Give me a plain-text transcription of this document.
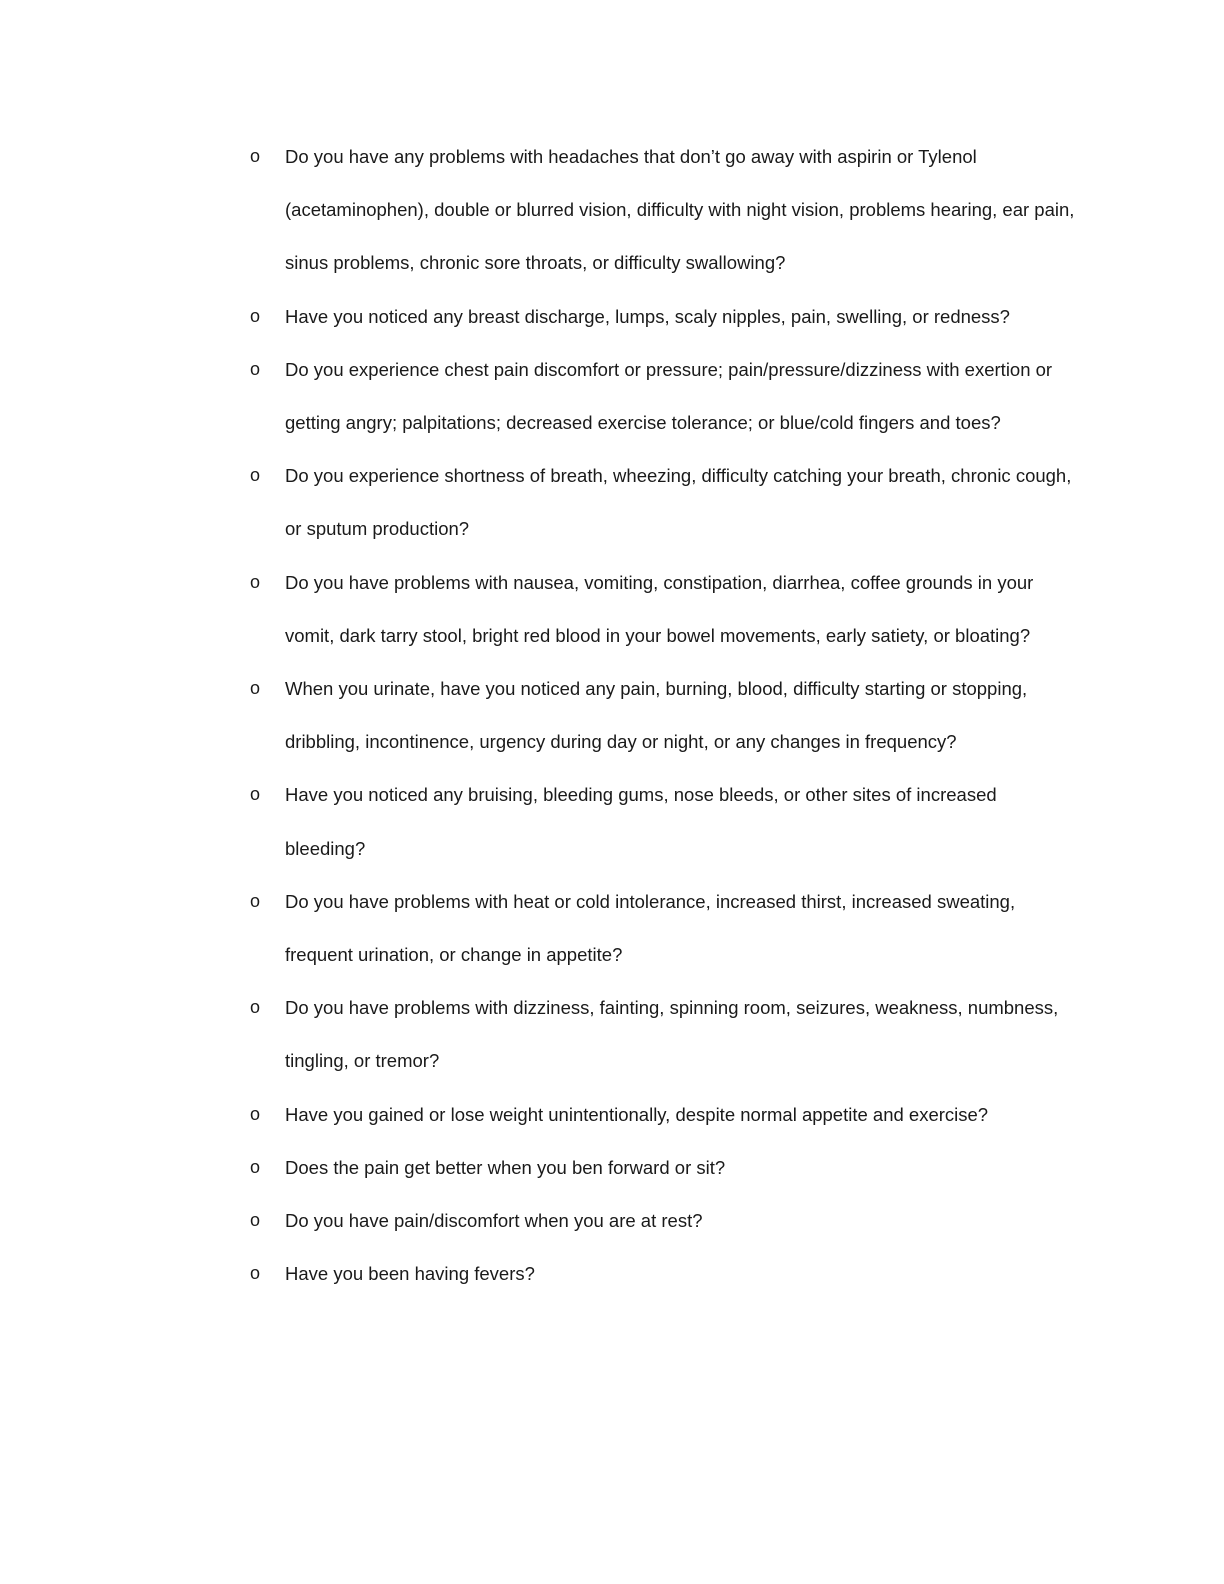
o	Do you have any problems with headaches that don’t go away with aspirin or Tylenol (acetaminophen), double or blurred vision, difficulty with night vision, problems hearing, ear pain, sinus problems, chronic sore throats, or difficulty swallowing?
o	Have you noticed any breast discharge, lumps, scaly nipples, pain, swelling, or redness?
o	Do you experience chest pain discomfort or pressure; pain/pressure/dizziness with exertion or getting angry; palpitations; decreased exercise tolerance; or blue/cold fingers and toes?
o	Do you experience shortness of breath, wheezing, difficulty catching your breath, chronic cough, or sputum production?
o	Do you have problems with nausea, vomiting, constipation, diarrhea, coffee grounds in your vomit, dark tarry stool, bright red blood in your bowel movements, early satiety, or bloating?
o	When you urinate, have you noticed any pain, burning, blood, difficulty starting or stopping, dribbling, incontinence, urgency during day or night, or any changes in frequency?
o	Have you noticed any bruising, bleeding gums, nose bleeds, or other sites of increased bleeding?
o	Do you have problems with heat or cold intolerance, increased thirst, increased sweating, frequent urination, or change in appetite?
o	Do you have problems with dizziness, fainting, spinning room, seizures, weakness, numbness, tingling, or tremor?
o	Have you gained or lose weight unintentionally, despite normal appetite and exercise?
o	Does the pain get better when you ben forward or sit?
o	Do you have pain/discomfort when you are at rest?
o	Have you been having fevers?
